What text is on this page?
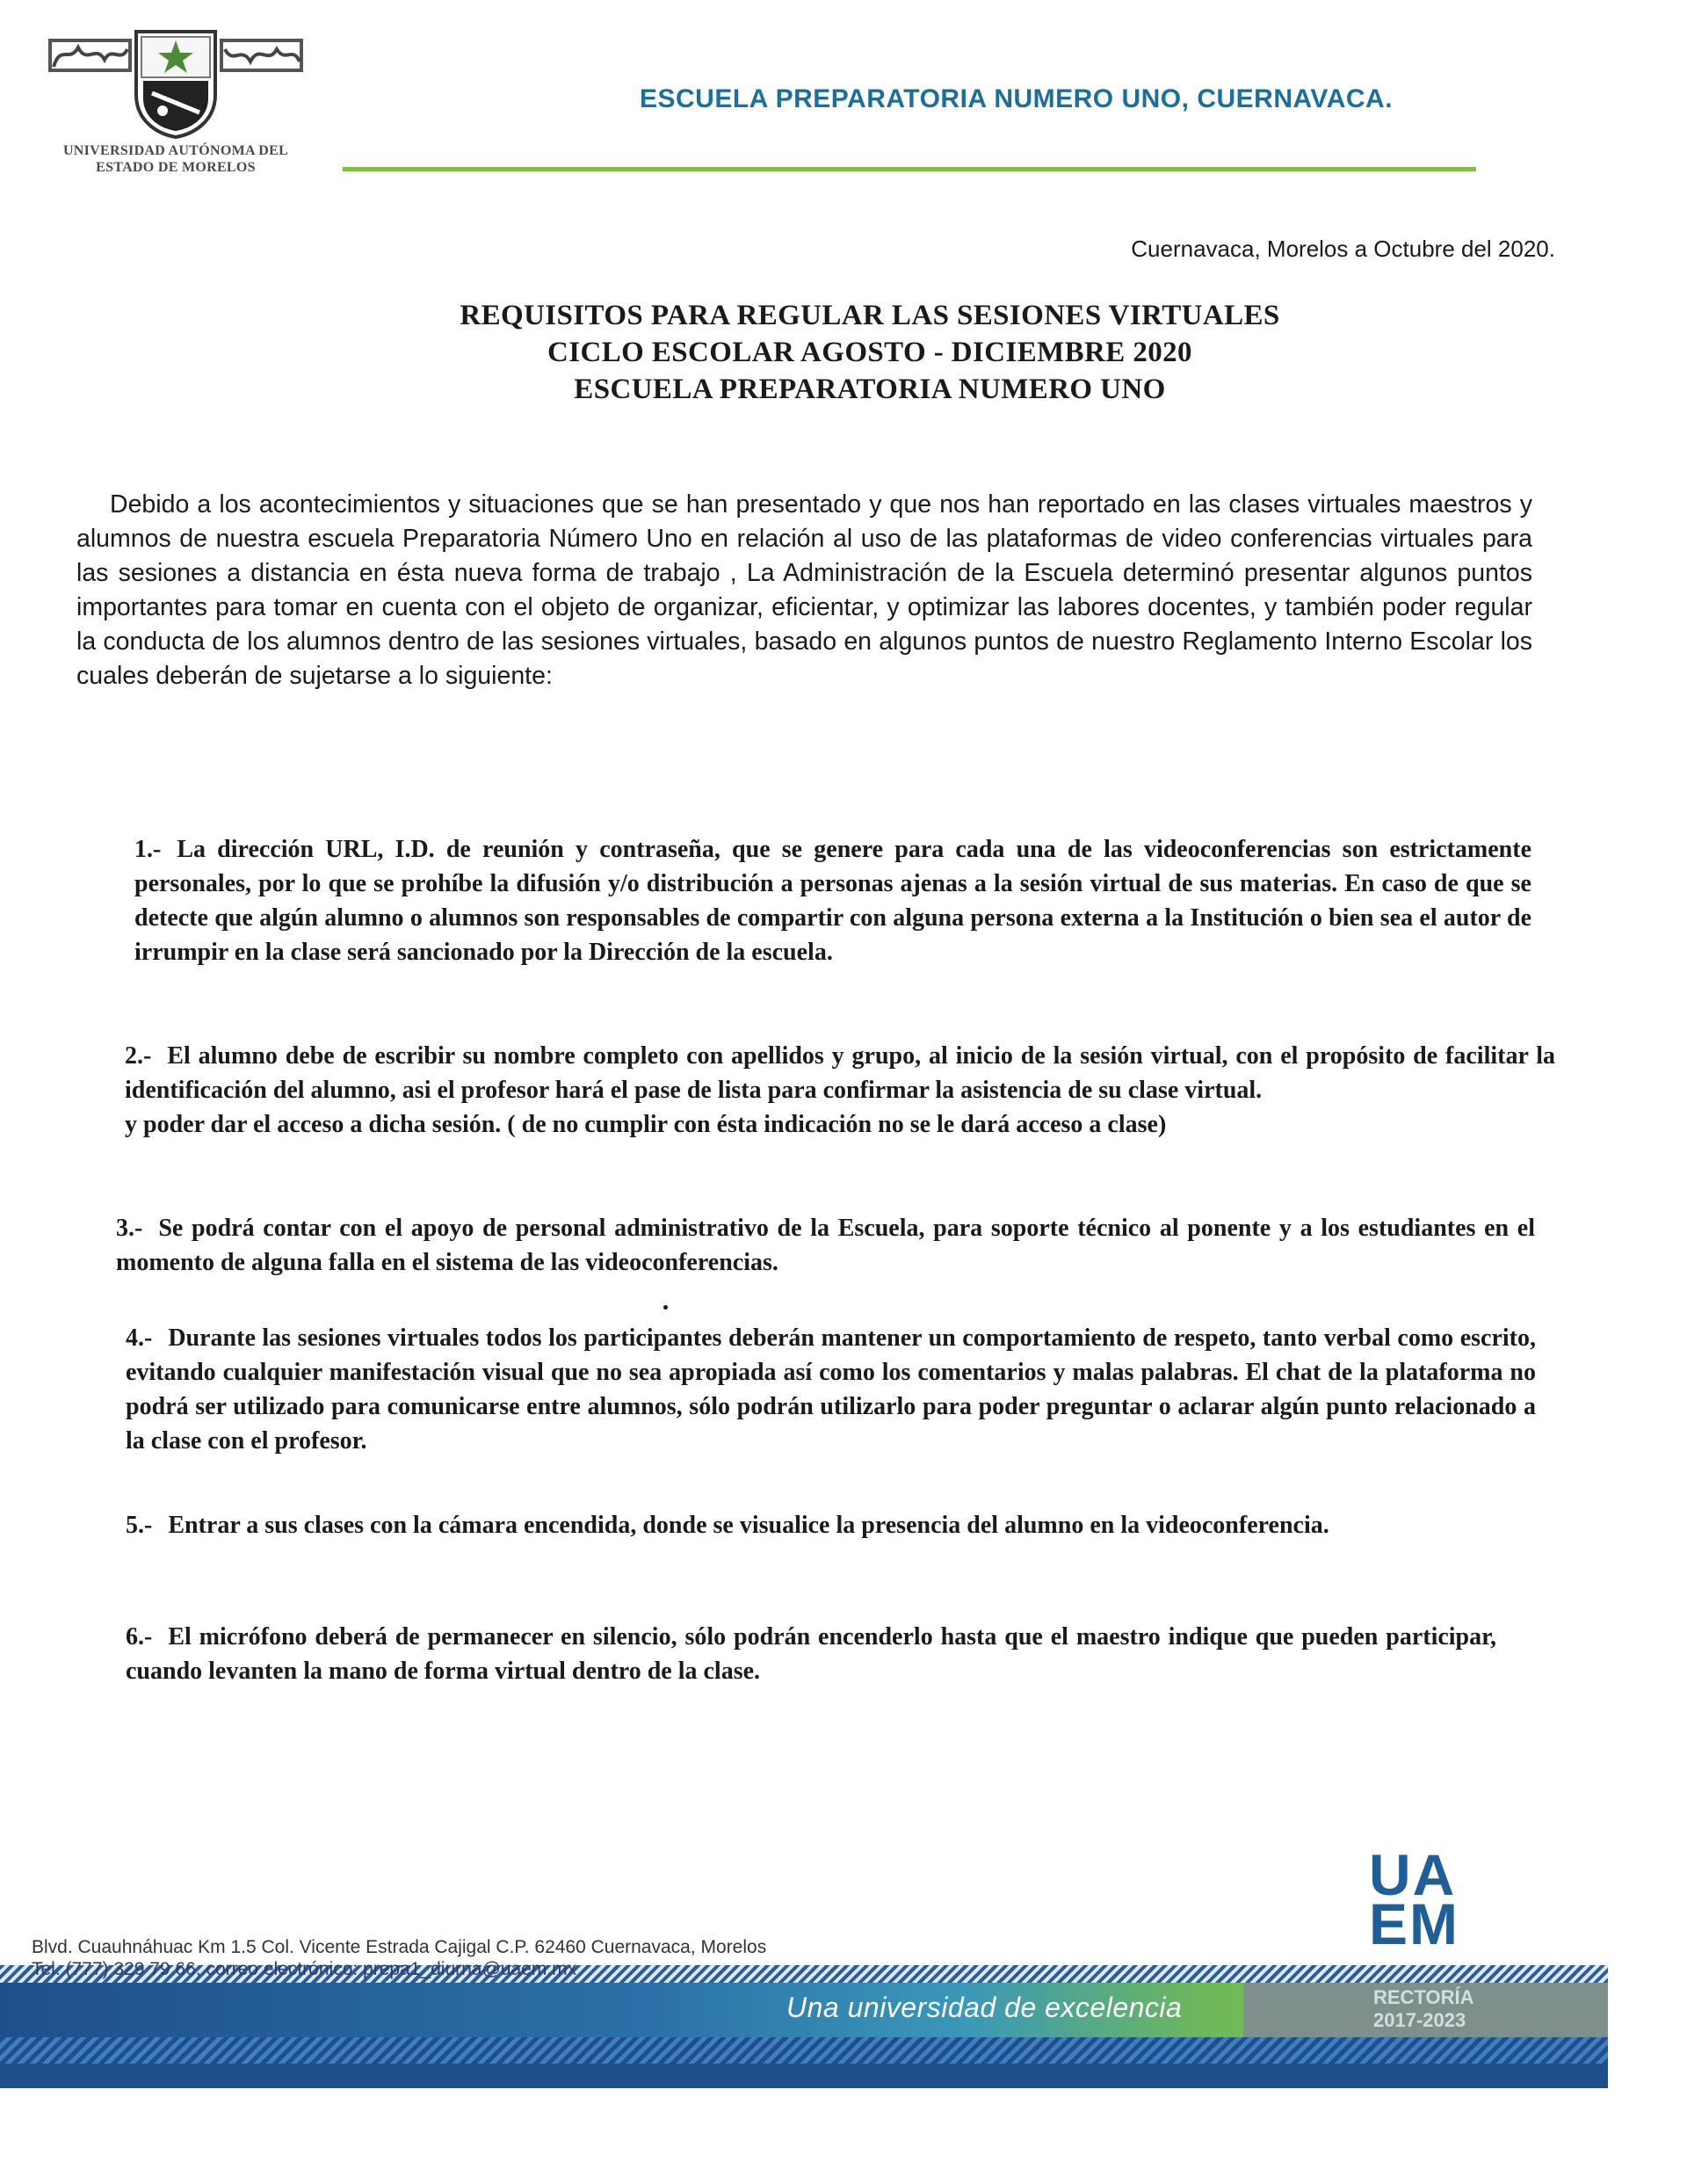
UNIVERSIDAD AUTÓNOMA DEL
ESTADO DE MORELOS
ESCUELA PREPARATORIA NUMERO UNO, CUERNAVACA.
Cuernavaca, Morelos a Octubre del 2020.
REQUISITOS PARA REGULAR LAS SESIONES VIRTUALES
CICLO ESCOLAR AGOSTO - DICIEMBRE 2020
ESCUELA PREPARATORIA NUMERO UNO
Debido a los acontecimientos y situaciones que se han presentado y que nos han reportado en las clases virtuales maestros y alumnos de nuestra escuela Preparatoria Número Uno en relación al uso de las plataformas de video conferencias virtuales para las sesiones a distancia en ésta nueva forma de trabajo , La Administración de la Escuela determinó presentar algunos puntos importantes para tomar en cuenta con el objeto de organizar, eficientar, y optimizar las labores docentes, y también poder regular la conducta de los alumnos dentro de las sesiones virtuales, basado en algunos puntos de nuestro Reglamento Interno Escolar los cuales deberán de sujetarse a lo siguiente:
1.- La dirección URL, I.D. de reunión y contraseña, que se genere para cada una de las videoconferencias son estrictamente personales, por lo que se prohíbe la difusión y/o distribución a personas ajenas a la sesión virtual de sus materias. En caso de que se detecte que algún alumno o alumnos son responsables de compartir con alguna persona externa a la Institución o bien sea el autor de irrumpir en la clase será sancionado por la Dirección de la escuela.
2.- El alumno debe de escribir su nombre completo con apellidos y grupo, al inicio de la sesión virtual, con el propósito de facilitar la identificación del alumno, asi el profesor hará el pase de lista para confirmar la asistencia de su clase virtual.
y poder dar el acceso a dicha sesión. ( de no cumplir con ésta indicación no se le dará acceso a clase)
3.- Se podrá contar con el apoyo de personal administrativo de la Escuela, para soporte técnico al ponente y a los estudiantes en el momento de alguna falla en el sistema de las videoconferencias.
4.- Durante las sesiones virtuales todos los participantes deberán mantener un comportamiento de respeto, tanto verbal como escrito, evitando cualquier manifestación visual que no sea apropiada así como los comentarios y malas palabras. El chat de la plataforma no podrá ser utilizado para comunicarse entre alumnos, sólo podrán utilizarlo para poder preguntar o aclarar algún punto relacionado a la clase con el profesor.
5.- Entrar a sus clases con la cámara encendida, donde se visualice la presencia del alumno en la videoconferencia.
6.- El micrófono deberá de permanecer en silencio, sólo podrán encenderlo hasta que el maestro indique que pueden participar, cuando levanten la mano de forma virtual dentro de la clase.
UA
EM
Blvd. Cuauhnáhuac Km 1.5 Col. Vicente Estrada Cajigal C.P. 62460 Cuernavaca, Morelos
Tel. (777) 329 79 66, correo electrónico: prepa1_diurna@uaem.mx
Una universidad de excelencia	RECTORÍA
2017-2023
